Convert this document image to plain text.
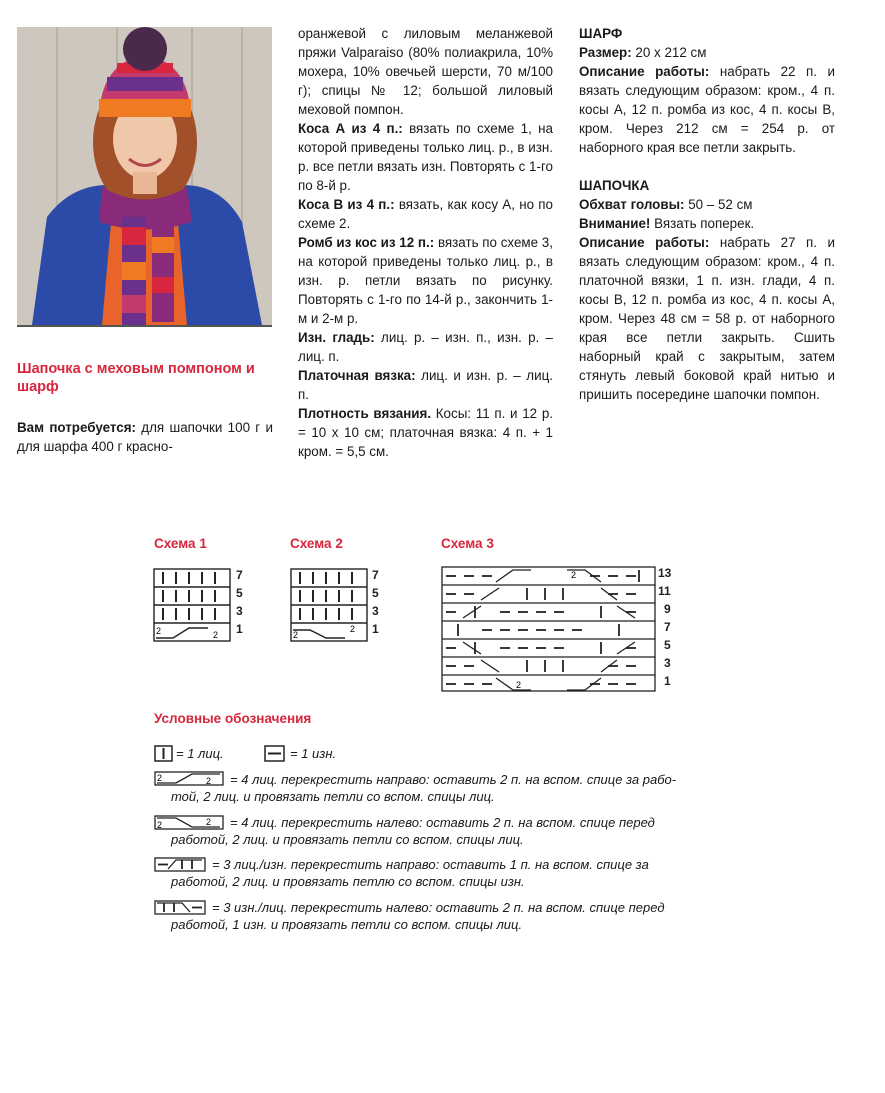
Шапочка с меховым помпоном и шарф
Вам потребуется: для шапочки 100 г и для шарфа 400 г красно-

оранжевой с лиловым меланжевой пряжи Valparaiso (80% полиакрила, 10% мохера, 10% овечьей шерсти, 70 м/100 г); спицы № 12; большой лиловый меховой помпон.

Коса А из 4 п.: вязать по схеме 1, на которой приведены только лиц. р., в изн. р. все петли вязать изн. Повторять с 1-го по 8-й р.

Коса В из 4 п.: вязать, как косу А, но по схеме 2.

Ромб из кос из 12 п.: вязать по схеме 3, на которой приведены только лиц. р., в изн. р. петли вязать по рисунку. Повторять с 1-го по 14-й р., закончить 1-м и 2-м р.

Изн. гладь: лиц. р. – изн. п., изн. р. – лиц. п.

Платочная вязка: лиц. и изн. р. – лиц. п.

Плотность вязания. Косы: 11 п. и 12 р. = 10 х 10 см; платочная вязка: 4 п. + 1 кром. = 5,5 см.

ШАРФ

Размер: 20 х 212 см

Описание работы: набрать 22 п. и вязать следующим образом: кром., 4 п. косы А, 12 п. ромба из кос, 4 п. косы В, кром. Через 212 см = 254 р. от наборного края все петли закрыть.

ШАПОЧКА

Обхват головы: 50 – 52 см

Внимание! Вязать поперек.

Описание работы: набрать 27 п. и вязать следующим образом: кром., 4 п. платочной вязки, 1 п. изн. глади, 4 п. косы В, 12 п. ромба из кос, 4 п. косы А, кром. Через 48 см = 58 р. от наборного края все петли закрыть. Сшить наборный край с закрытым, затем стянуть левый боковой край нитью и пришить посередине шапочки помпон.

Схема 1	Схема 2	Схема 3
2	2
7
5
3
1	2
2
7
5
3
1
2
2	13
11
9
7
5
3
1
Условные обозначения
= 1 лиц.	= 1 изн.
2	2 = 4 лиц. перекрестить направо: оставить 2 п. на вспом. спице за рабо-
той, 2 лиц. и провязать петли со вспом. спицы лиц.
2	2 = 4 лиц. перекрестить налево: оставить 2 п. на вспом. спице перед
работой, 2 лиц. и провязать петли со вспом. спицы лиц.
= 3 лиц./изн. перекрестить направо: оставить 1 п. на вспом. спице за
работой, 2 лиц. и провязать петлю со вспом. спицы изн.
= 3 изн./лиц. перекрестить налево: оставить 2 п. на вспом. спице перед
работой, 1 изн. и провязать петли со вспом. спицы лиц.
